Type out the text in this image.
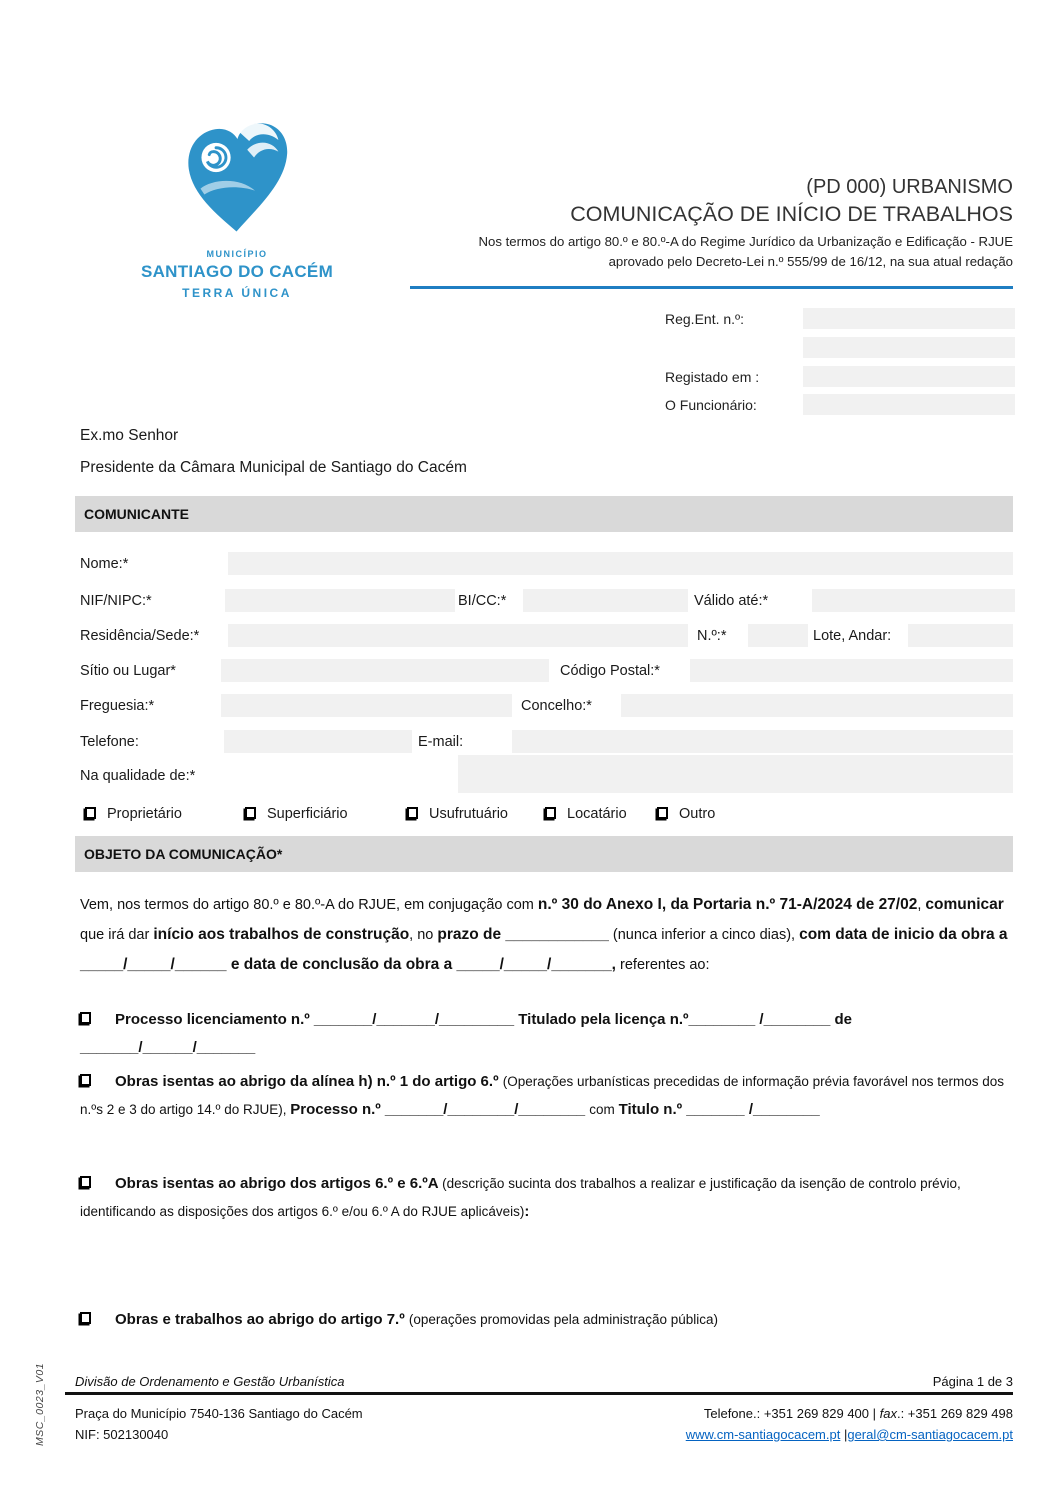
MUNICÍPIO
SANTIAGO DO CACÉM
TERRA ÚNICA
(PD 000) URBANISMO
COMUNICAÇÃO DE INÍCIO DE TRABALHOS
Nos termos do artigo 80.º e 80.º-A do Regime Jurídico da Urbanização e Edificação - RJUE
aprovado pelo Decreto-Lei n.º 555/99 de 16/12, na sua atual redação
Reg.Ent. n.º:
Registado em :
O Funcionário:
Ex.mo Senhor
Presidente da Câmara Municipal de Santiago do Cacém
COMUNICANTE
Nome:*
NIF/NIPC:*	BI/CC:*	Válido até:*
Residência/Sede:*	N.º:*	Lote, Andar:
Sítio ou Lugar*	Código Postal:*
Freguesia:*	Concelho:*
Telefone:	E-mail:
Na qualidade de:*
Proprietário	Superficiário	Usufrutuário	Locatário	Outro
OBJETO DA COMUNICAÇÃO*
Vem, nos termos do artigo 80.º e 80.º-A do RJUE, em conjugação com n.º 30 do Anexo I, da Portaria n.º 71-A/2024 de 27/02, comunicar que irá dar início aos trabalhos de construção, no prazo de ____________ (nunca inferior a cinco dias), com data de inicio da obra a _____/_____/______ e data de conclusão da obra a _____/_____/_______, referentes ao:
Processo licenciamento n.º _______/_______/_________ Titulado pela licença n.º________ /________ de _______/______/_______
Obras isentas ao abrigo da alínea h) n.º 1 do artigo 6.º (Operações urbanísticas precedidas de informação prévia favorável nos termos dos n.ºs 2 e 3 do artigo 14.º do RJUE), Processo n.º _______/________/________ com Titulo n.º _______ /________
Obras isentas ao abrigo dos artigos 6.º e 6.ºA (descrição sucinta dos trabalhos a realizar e justificação da isenção de controlo prévio, identificando as disposições dos artigos 6.º e/ou 6.º A do RJUE aplicáveis):
Obras e trabalhos ao abrigo do artigo 7.º (operações promovidas pela administração pública)
Divisão de Ordenamento e Gestão Urbanística	Página 1 de 3
Praça do Município 7540-136 Santiago do Cacém
NIF: 502130040
Telefone.: +351 269 829 400 | fax.: +351 269 829 498
www.cm-santiagocacem.pt |geral@cm-santiagocacem.pt
MSC_0023_V01
